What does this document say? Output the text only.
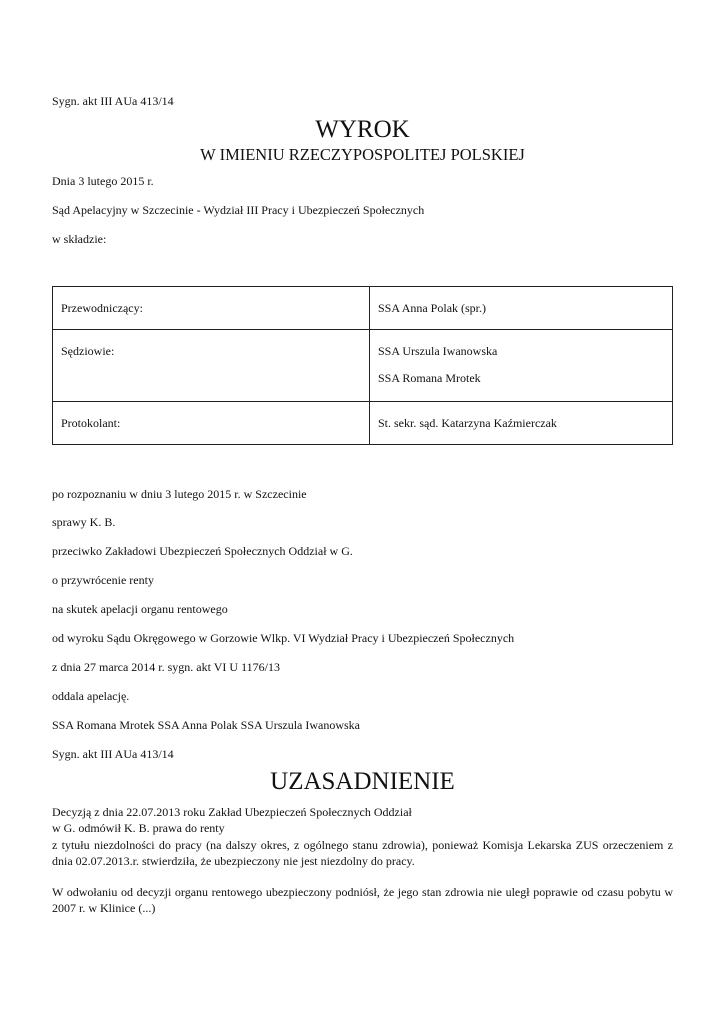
Sygn. akt III AUa 413/14
WYROK
W IMIENIU RZECZYPOSPOLITEJ POLSKIEJ
Dnia 3 lutego 2015 r.
Sąd Apelacyjny w Szczecinie - Wydział III Pracy i Ubezpieczeń Społecznych
w składzie:
Przewodniczący:	SSA Anna Polak (spr.)

Sędziowie:	SSA Urszula Iwanowska
SSA Romana Mrotek

Protokolant:	St. sekr. sąd. Katarzyna Kaźmierczak
po rozpoznaniu w dniu 3 lutego 2015 r. w Szczecinie
sprawy K. B.
przeciwko Zakładowi Ubezpieczeń Społecznych Oddział w G.
o przywrócenie renty
na skutek apelacji organu rentowego
od wyroku Sądu Okręgowego w Gorzowie Wlkp. VI Wydział Pracy i Ubezpieczeń Społecznych
z dnia 27 marca 2014 r. sygn. akt VI U 1176/13
oddala apelację.
SSA Romana Mrotek SSA Anna Polak SSA Urszula Iwanowska
Sygn. akt III AUa 413/14
UZASADNIENIE
Decyzją z dnia 22.07.2013 roku Zakład Ubezpieczeń Społecznych Oddział
w G. odmówił K. B. prawa do renty
z tytułu niezdolności do pracy (na dalszy okres, z ogólnego stanu zdrowia), ponieważ Komisja Lekarska ZUS orzeczeniem z dnia 02.07.2013.r. stwierdziła, że ubezpieczony nie jest niezdolny do pracy.
W odwołaniu od decyzji organu rentowego ubezpieczony podniósł, że jego stan zdrowia nie uległ poprawie od czasu pobytu w 2007 r. w Klinice (...)
